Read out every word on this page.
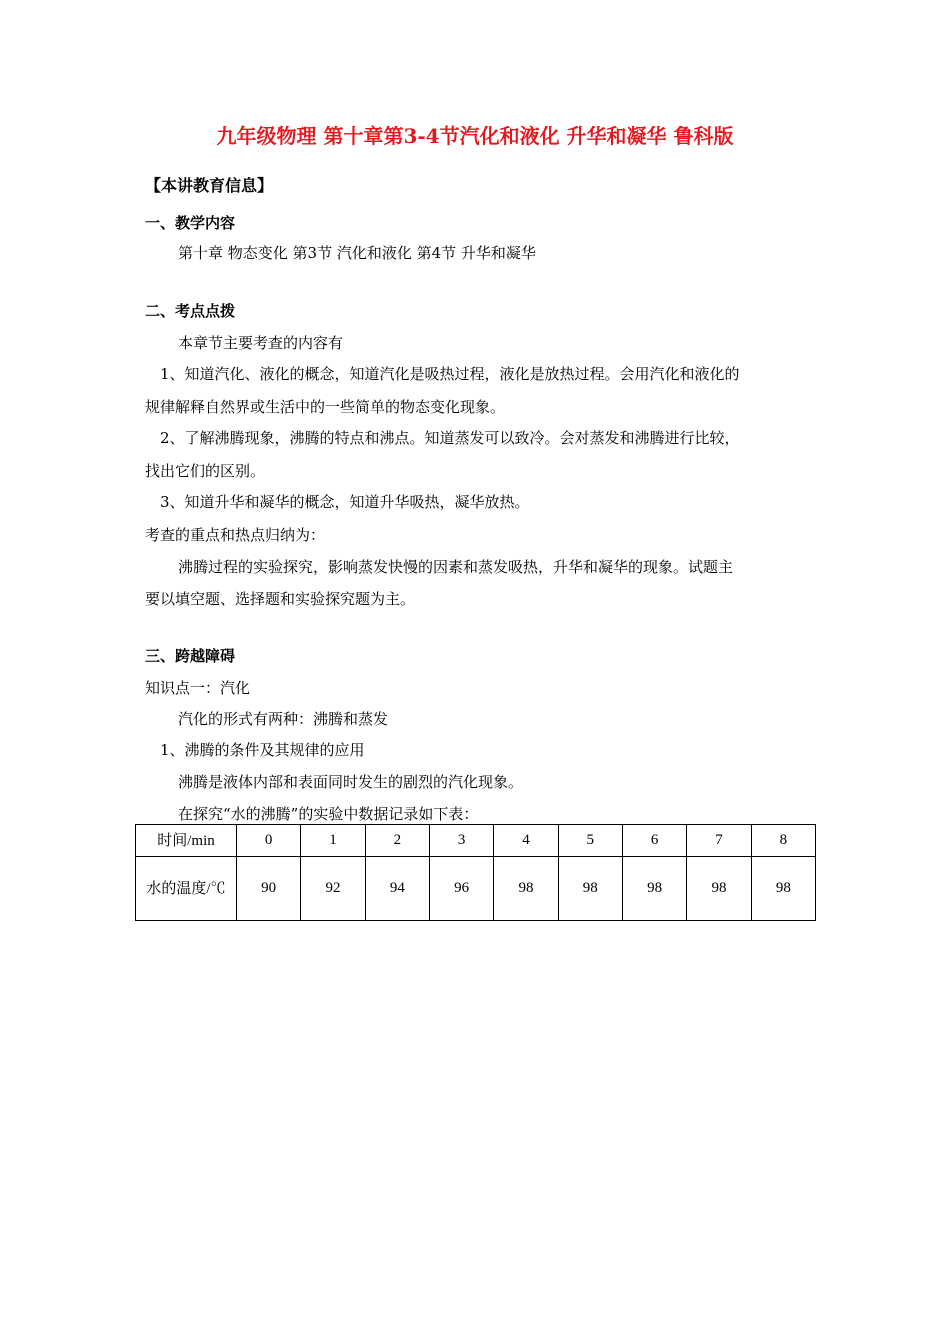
九年级物理 第十章第3-4节汽化和液化 升华和凝华 鲁科版
【本讲教育信息】
一、教学内容
第十章 物态变化 第3节 汽化和液化 第4节 升华和凝华
二、考点点拨
本章节主要考查的内容有
1、知道汽化、液化的概念，知道汽化是吸热过程，液化是放热过程。会用汽化和液化的
规律解释自然界或生活中的一些简单的物态变化现象。
2、了解沸腾现象，沸腾的特点和沸点。知道蒸发可以致冷。会对蒸发和沸腾进行比较，
找出它们的区别。
3、知道升华和凝华的概念，知道升华吸热，凝华放热。
考查的重点和热点归纳为：
沸腾过程的实验探究，影响蒸发快慢的因素和蒸发吸热，升华和凝华的现象。试题主
要以填空题、选择题和实验探究题为主。
三、跨越障碍
知识点一：汽化
汽化的形式有两种：沸腾和蒸发
1、沸腾的条件及其规律的应用
沸腾是液体内部和表面同时发生的剧烈的汽化现象。
在探究“水的沸腾”的实验中数据记录如下表：
时间/min	0	1	2	3	4	5	6	7	8
水的温度/℃	90	92	94	96	98	98	98	98	98
